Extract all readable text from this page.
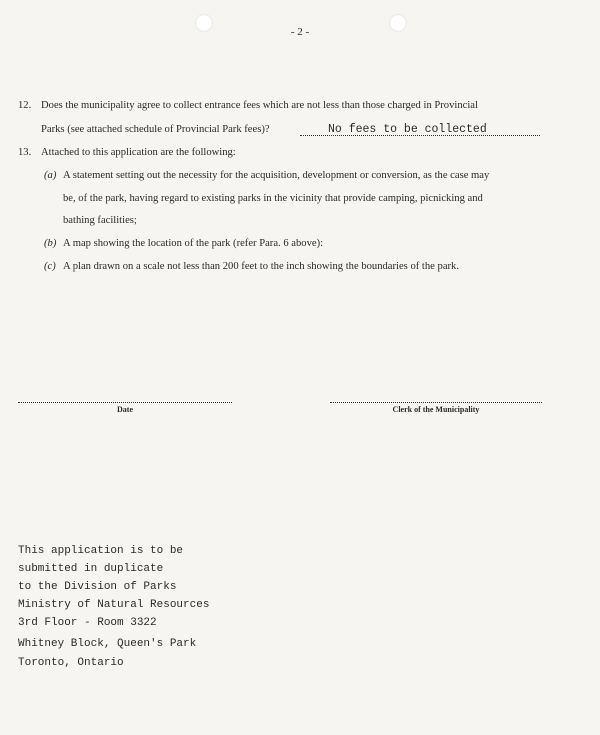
- 2 -
12. Does the municipality agree to collect entrance fees which are not less than those charged in Provincial
Parks (see attached schedule of Provincial Park fees)?	No fees to be collected
13. Attached to this application are the following:
(a) A statement setting out the necessity for the acquisition, development or conversion, as the case may
be, of the park, having regard to existing parks in the vicinity that provide camping, picnicking and
bathing facilities;
(b) A map showing the location of the park (refer Para. 6 above):
(c) A plan drawn on a scale not less than 200 feet to the inch showing the boundaries of the park.
Date	Clerk of the Municipality
This application is to be
submitted in duplicate
to the Division of Parks
Ministry of Natural Resources
3rd Floor - Room 3322
Whitney Block, Queen's Park
Toronto, Ontario
